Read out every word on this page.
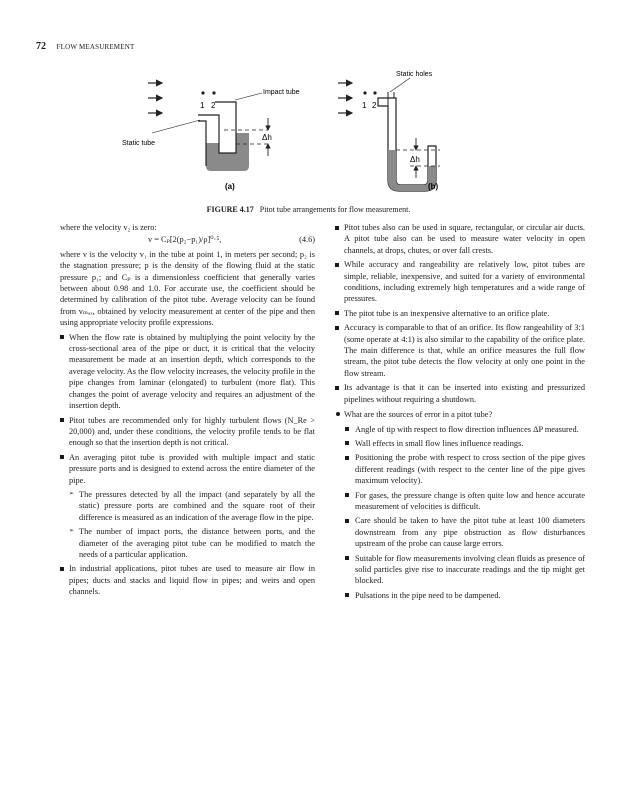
72 FLOW MEASUREMENT
1 2
Δh
Impact tube
Static tube
(a)
1 2
Δh
Static holes
(b)
FIGURE 4.17 Pitot tube arrangements for flow measurement.

where the velocity v₂ is zero:

v = Cₚ[2(p₂−p₁)/ρ]⁰·⁵,	(4.6)

where v is the velocity v₁ in the tube at point 1, in meters per second; p₂ is the stagnation pressure; p is the density of the flowing fluid at the static pressure p₁; and Cₚ is a dimensionless coefficient that generally varies between about 0.98 and 1.0. For accurate use, the coefficient should be determined by calibration of the pitot tube. Average velocity can be found from vₘₐₓ, obtained by velocity measurement at center of the pipe and then using appropriate velocity profile expressions.

When the flow rate is obtained by multiplying the point velocity by the cross-sectional area of the pipe or duct, it is critical that the velocity measurement be made at an insertion depth, which corresponds to the average velocity. As the flow velocity increases, the velocity profile in the pipe changes from laminar (elongated) to turbulent (more flat). This changes the point of average velocity and requires an adjustment of the insertion depth.
Pitot tubes are recommended only for highly turbulent flows (N_Re > 20,000) and, under these conditions, the velocity profile tends to be flat enough so that the insertion depth is not critical.
An averaging pitot tube is provided with multiple impact and static pressure ports and is designed to extend across the entire diameter of the pipe.
➢ The pressures detected by all the impact (and separately by all the static) pressure ports are combined and the square root of their difference is measured as an indication of the average flow in the pipe.
➢ The number of impact ports, the distance between ports, and the diameter of the averaging pitot tube can be modified to match the needs of a particular application.
In industrial applications, pitot tubes are used to measure air flow in pipes; ducts and stacks and liquid flow in pipes; and weirs and open channels.
Pitot tubes also can be used in square, rectangular, or circular air ducts. A pitot tube also can be used to measure water velocity in open channels, at drops, chutes, or over fall crests.
While accuracy and rangeability are relatively low, pitot tubes are simple, reliable, inexpensive, and suited for a variety of environmental conditions, including extremely high temperatures and a wide range of pressures.
The pitot tube is an inexpensive alternative to an orifice plate.
Accuracy is comparable to that of an orifice. Its flow rangeability of 3:1 (some operate at 4:1) is also similar to the capability of the orifice plate. The main difference is that, while an orifice measures the full flow stream, the pitot tube detects the flow velocity at only one point in the flow stream.
Its advantage is that it can be inserted into existing and pressurized pipelines without requiring a shutdown.
What are the sources of error in a pitot tube?
Angle of tip with respect to flow direction influences ΔP measured.
Wall effects in small flow lines influence readings.
Positioning the probe with respect to cross section of the pipe gives different readings (with respect to the center line of the pipe gives maximum velocity).
For gases, the pressure change is often quite low and hence accurate measurement of velocities is difficult.
Care should be taken to have the pitot tube at least 100 diameters downstream from any pipe obstruction as flow disturbances upstream of the probe can cause large errors.
Suitable for flow measurements involving clean fluids as presence of solid particles give rise to inaccurate readings and the tip might get blocked.
Pulsations in the pipe need to be dampened.
